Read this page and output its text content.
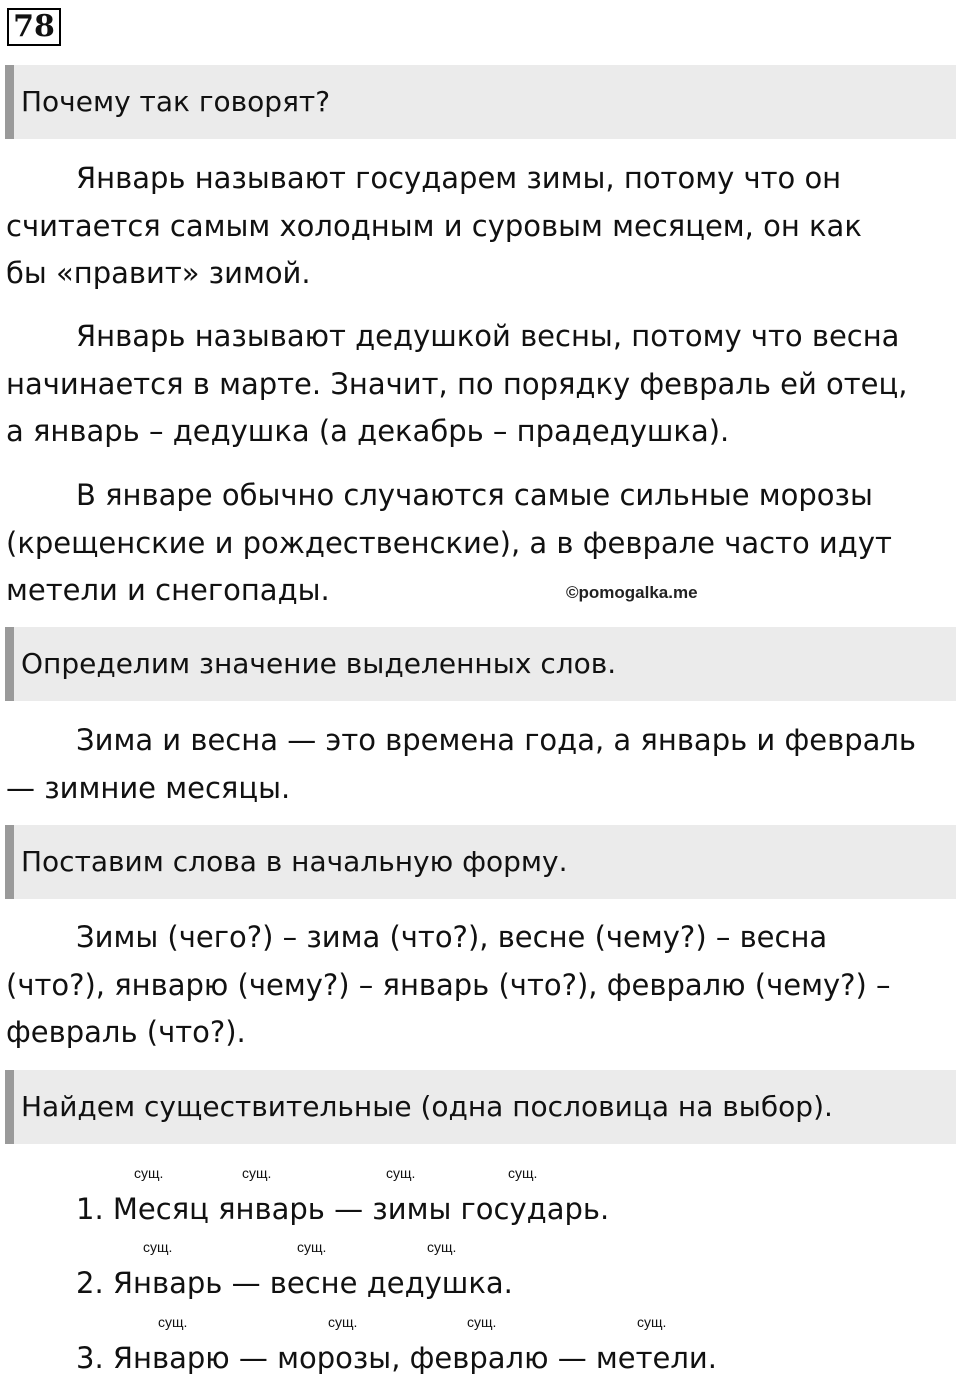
78
Почему так говорят?
Январь называют государем зимы, потому что он
считается самым холодным и суровым месяцем, он как
бы «правит» зимой.
Январь называют дедушкой весны, потому что весна
начинается в марте. Значит, по порядку февраль ей отец,
а январь – дедушка (а декабрь – прадедушка).
В январе обычно случаются самые сильные морозы
(крещенские и рождественские), а в феврале часто идут
метели и снегопады.	©pomogalka.me
Определим значение выделенных слов.
Зима и весна — это времена года, а январь и февраль
— зимние месяцы.
Поставим слова в начальную форму.
Зимы (чего?) – зима (что?), весне (чему?) – весна
(что?), январю (чему?) – январь (что?), февралю (чему?) –
февраль (что?).
Найдем существительные (одна пословица на выбор).
сущ.	сущ.	сущ.	сущ.
1. Месяц январь — зимы государь.
сущ.	сущ.	сущ.
2. Январь — весне дедушка.
сущ.	сущ.	сущ.	сущ.
3. Январю — морозы, февралю — метели.
